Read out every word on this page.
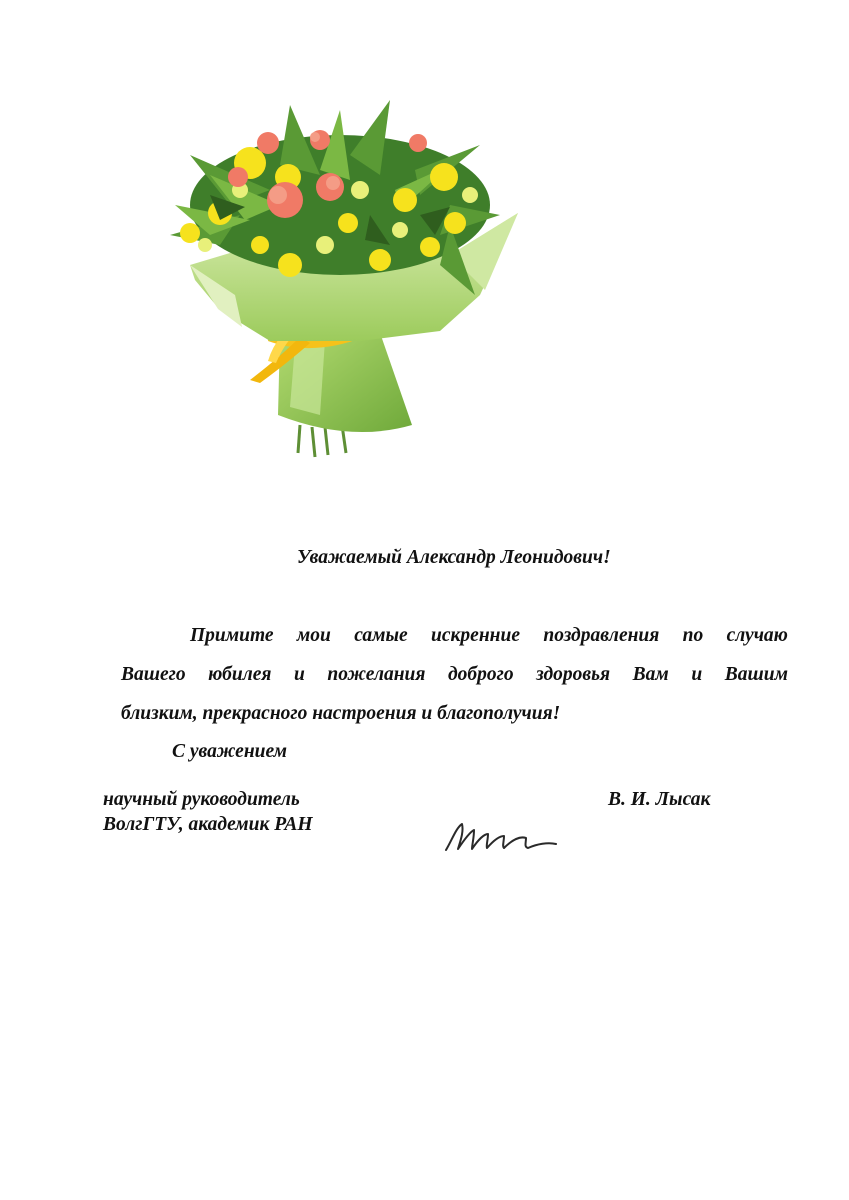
Уважаемый Александр Леонидович!
Примите мои самые искренние поздравления по случаю
Вашего юбилея и пожелания доброго здоровья Вам и Вашим
близким, прекрасного настроения и благополучия!
С уважением
научный руководитель
ВолгГТУ, академик РАН
В. И. Лысак
